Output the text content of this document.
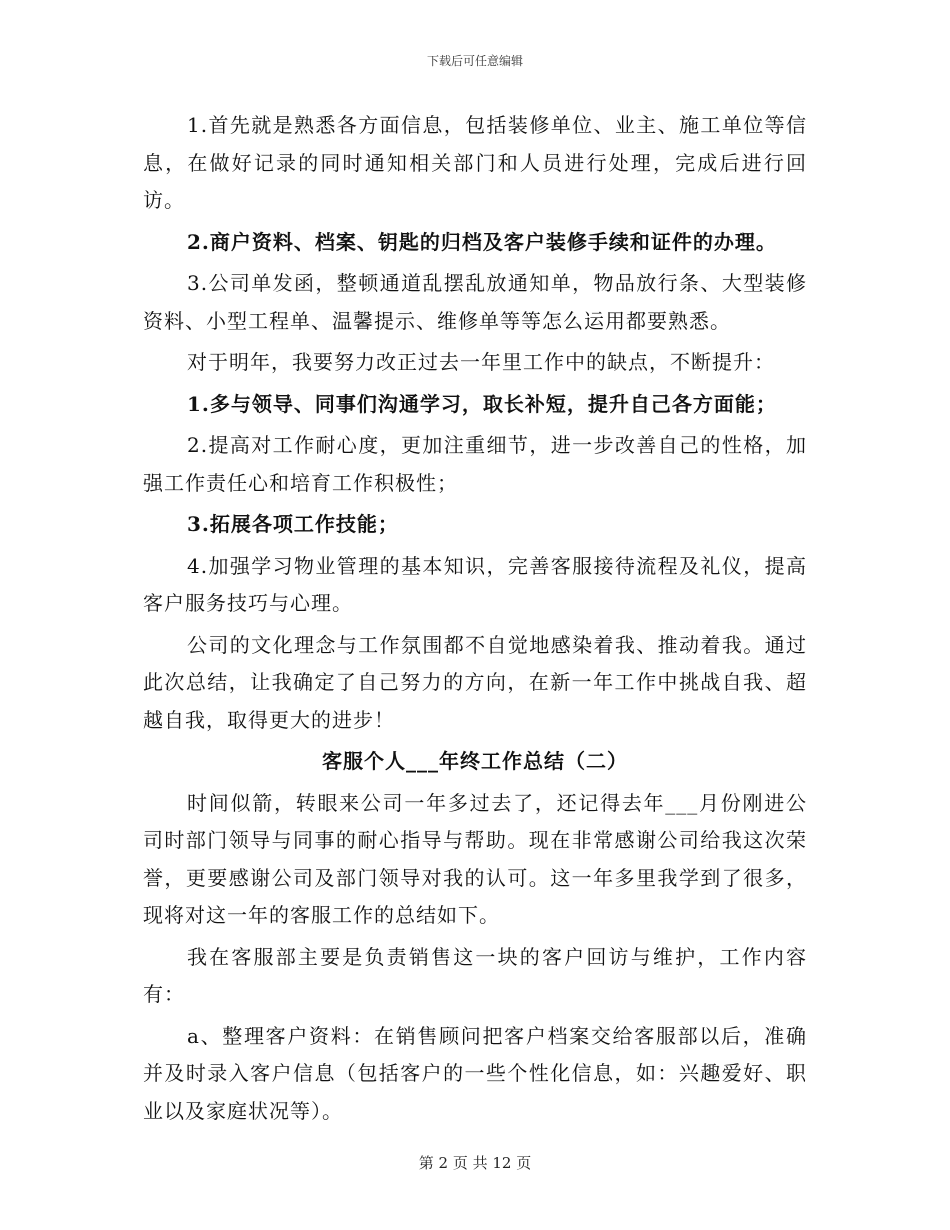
下载后可任意编辑

1.首先就是熟悉各方面信息，包括装修单位、业主、施工单位等信息，在做好记录的同时通知相关部门和人员进行处理，完成后进行回访。

2.商户资料、档案、钥匙的归档及客户装修手续和证件的办理。

3.公司单发函，整顿通道乱摆乱放通知单，物品放行条、大型装修资料、小型工程单、温馨提示、维修单等等怎么运用都要熟悉。

对于明年，我要努力改正过去一年里工作中的缺点，不断提升：

1.多与领导、同事们沟通学习，取长补短，提升自己各方面能；

2.提高对工作耐心度，更加注重细节，进一步改善自己的性格，加强工作责任心和培育工作积极性；

3.拓展各项工作技能；

4.加强学习物业管理的基本知识，完善客服接待流程及礼仪，提高客户服务技巧与心理。

公司的文化理念与工作氛围都不自觉地感染着我、推动着我。通过此次总结，让我确定了自己努力的方向，在新一年工作中挑战自我、超越自我，取得更大的进步！

客服个人___年终工作总结（二）

时间似箭，转眼来公司一年多过去了，还记得去年___月份刚进公司时部门领导与同事的耐心指导与帮助。现在非常感谢公司给我这次荣誉，更要感谢公司及部门领导对我的认可。这一年多里我学到了很多，现将对这一年的客服工作的总结如下。

我在客服部主要是负责销售这一块的客户回访与维护，工作内容有：

a、整理客户资料：在销售顾问把客户档案交给客服部以后，准确并及时录入客户信息（包括客户的一些个性化信息，如：兴趣爱好、职业以及家庭状况等）。

第 2 页 共 12 页
